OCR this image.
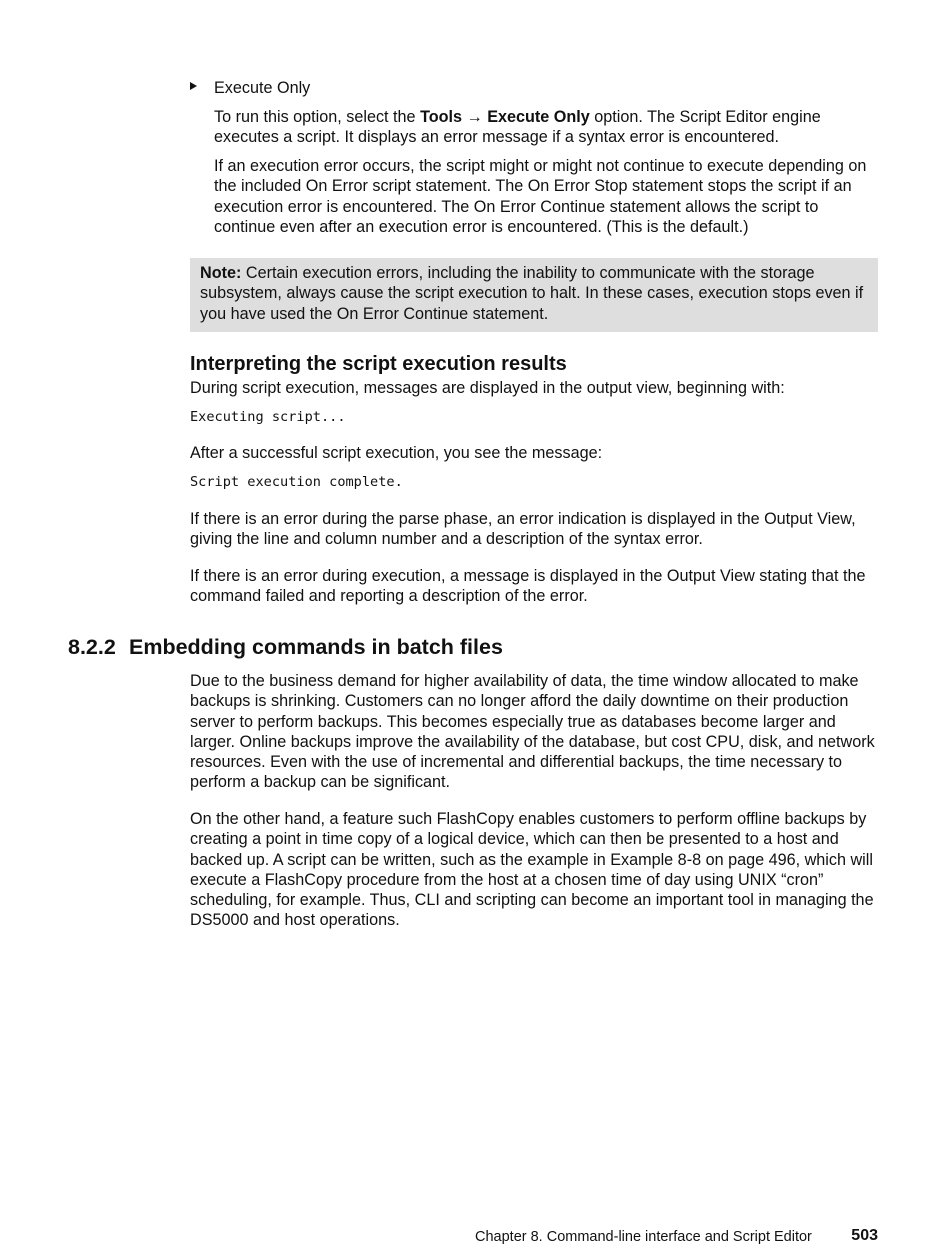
Execute Only
To run this option, select the Tools → Execute Only option. The Script Editor engine executes a script. It displays an error message if a syntax error is encountered.
If an execution error occurs, the script might or might not continue to execute depending on the included On Error script statement. The On Error Stop statement stops the script if an execution error is encountered. The On Error Continue statement allows the script to continue even after an execution error is encountered. (This is the default.)
Note: Certain execution errors, including the inability to communicate with the storage subsystem, always cause the script execution to halt. In these cases, execution stops even if you have used the On Error Continue statement.
Interpreting the script execution results
During script execution, messages are displayed in the output view, beginning with:
Executing script...
After a successful script execution, you see the message:
Script execution complete.
If there is an error during the parse phase, an error indication is displayed in the Output View, giving the line and column number and a description of the syntax error.
If there is an error during execution, a message is displayed in the Output View stating that the command failed and reporting a description of the error.
8.2.2 Embedding commands in batch files
Due to the business demand for higher availability of data, the time window allocated to make backups is shrinking. Customers can no longer afford the daily downtime on their production server to perform backups. This becomes especially true as databases become larger and larger. Online backups improve the availability of the database, but cost CPU, disk, and network resources. Even with the use of incremental and differential backups, the time necessary to perform a backup can be significant.
On the other hand, a feature such FlashCopy enables customers to perform offline backups by creating a point in time copy of a logical device, which can then be presented to a host and backed up. A script can be written, such as the example in Example 8-8 on page 496, which will execute a FlashCopy procedure from the host at a chosen time of day using UNIX “cron” scheduling, for example. Thus, CLI and scripting can become an important tool in managing the DS5000 and host operations.
Chapter 8. Command-line interface and Script Editor 503
